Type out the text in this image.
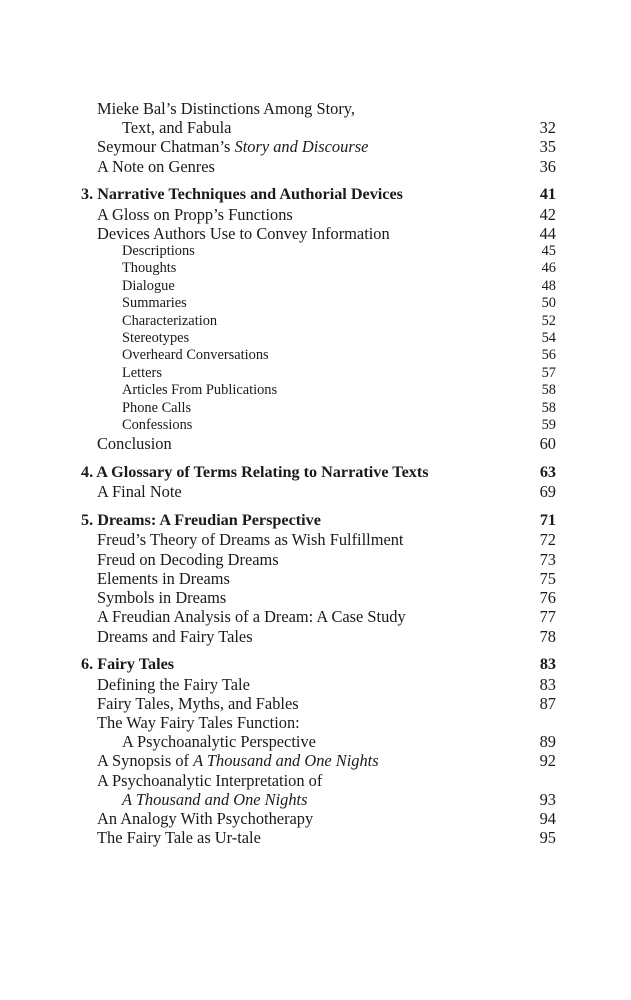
Mieke Bal’s Distinctions Among Story,
Text, and Fabula	32
Seymour Chatman’s Story and Discourse	35
A Note on Genres	36
3. Narrative Techniques and Authorial Devices	41
A Gloss on Propp’s Functions	42
Devices Authors Use to Convey Information	44
Descriptions	45
Thoughts	46
Dialogue	48
Summaries	50
Characterization	52
Stereotypes	54
Overheard Conversations	56
Letters	57
Articles From Publications	58
Phone Calls	58
Confessions	59
Conclusion	60
4. A Glossary of Terms Relating to Narrative Texts	63
A Final Note	69
5. Dreams: A Freudian Perspective	71
Freud’s Theory of Dreams as Wish Fulfillment	72
Freud on Decoding Dreams	73
Elements in Dreams	75
Symbols in Dreams	76
A Freudian Analysis of a Dream: A Case Study	77
Dreams and Fairy Tales	78
6. Fairy Tales	83
Defining the Fairy Tale	83
Fairy Tales, Myths, and Fables	87
The Way Fairy Tales Function:
A Psychoanalytic Perspective	89
A Synopsis of A Thousand and One Nights	92
A Psychoanalytic Interpretation of
A Thousand and One Nights	93
An Analogy With Psychotherapy	94
The Fairy Tale as Ur-tale	95
